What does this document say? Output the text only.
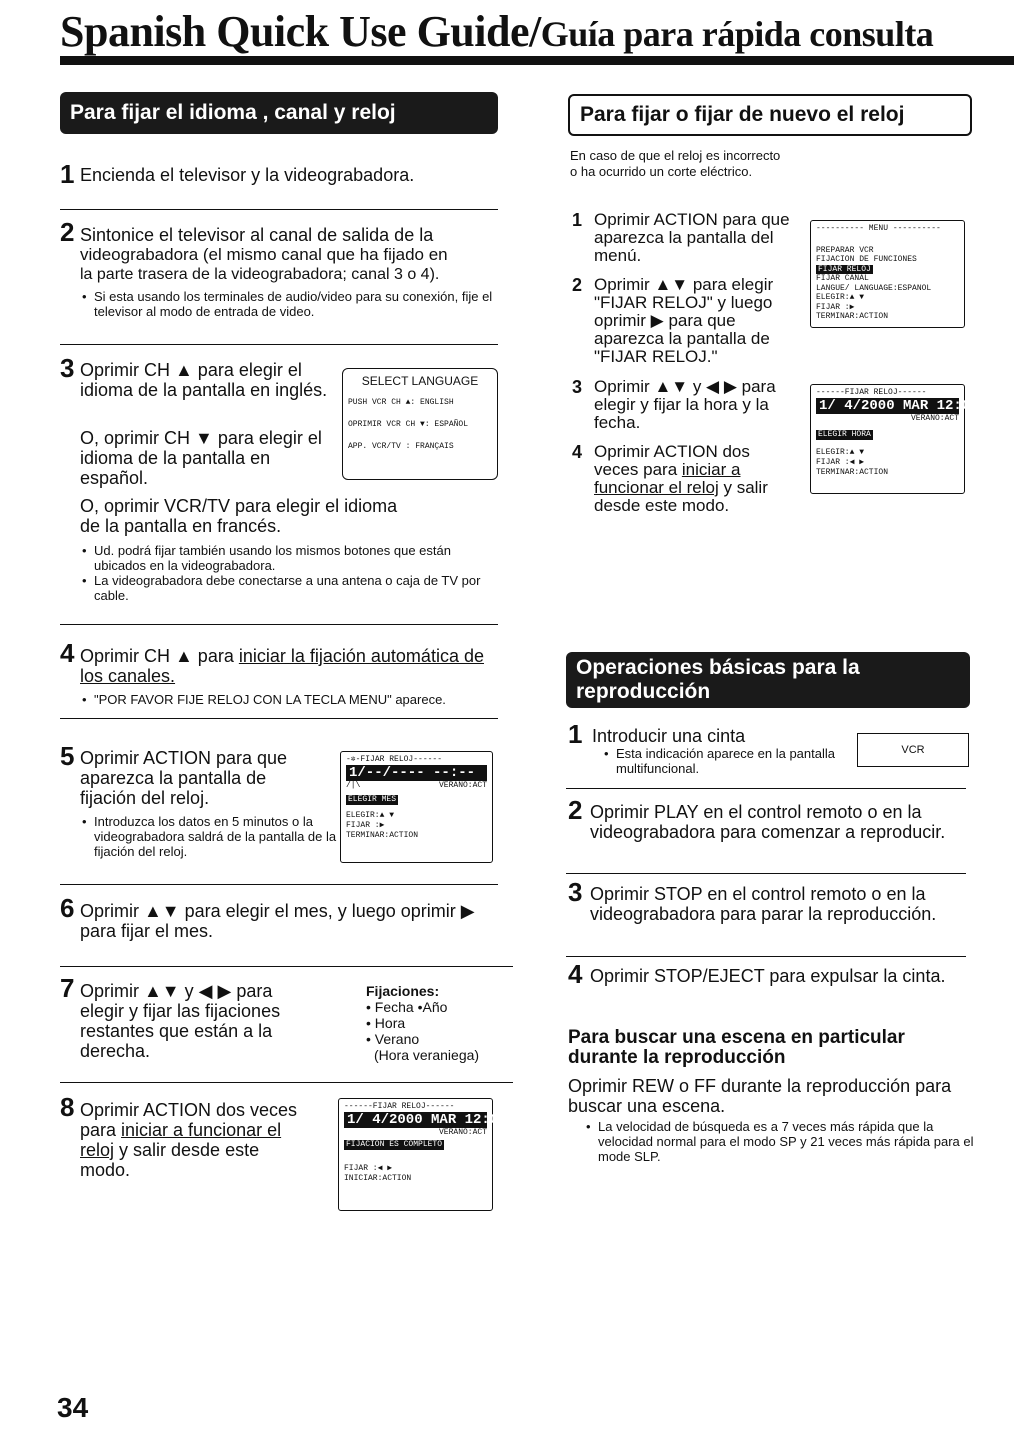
Spanish Quick Use Guide/Guía para rápida consulta
Para fijar el idioma , canal y reloj
1 Encienda el televisor y la videograbadora.
2 Sintonice el televisor al canal de salida de la
videograbadora (el mismo canal que ha fijado en
la parte trasera de la videograbadora; canal 3 o 4).
• Si esta usando los terminales de audio/video para su conexión, fije el televisor al modo de entrada de video.
3 Oprimir CH ▲ para elegir el idioma de la pantalla en inglés.
O, oprimir CH ▼ para elegir el idioma de la pantalla en español.
O, oprimir VCR/TV para elegir el idioma de la pantalla en francés.
SELECT LANGUAGE
PUSH VCR CH ▲: ENGLISH
OPRIMIR VCR CH ▼: ESPAÑOL
APP. VCR/TV : FRANÇAIS
• Ud. podrá fijar también usando los mismos botones que están ubicados en la videograbadora.
• La videograbadora debe conectarse a una antena o caja de TV por cable.
4 Oprimir CH ▲ para iniciar la fijación automática de los canales.
• "POR FAVOR FIJE RELOJ CON LA TECLA MENU" aparece.
5 Oprimir ACTION para que aparezca la pantalla de fijación del reloj.
• Introduzca los datos en 5 minutos o la videograbadora saldrá de la pantalla de la fijación del reloj.
-✲-FIJAR RELOJ------
1/--/---- --:--
/|\	VERANO:ACT
ELEGIR MES
ELEGIR:▲ ▼
FIJAR :▶
TERMINAR:ACTION
6 Oprimir ▲▼ para elegir el mes, y luego oprimir ▶ para fijar el mes.
7 Oprimir ▲▼ y ◀ ▶ para elegir y fijar las fijaciones restantes que están a la derecha.
Fijaciones:
• Fecha •Año
• Hora
• Verano
(Hora veraniega)
8 Oprimir ACTION dos veces para iniciar a funcionar el reloj y salir desde este modo.
------FIJAR RELOJ------
1/ 4/2000 MAR 12:00PM
VERANO:ACT
FIJACION ES COMPLETO
FIJAR :◀ ▶
INICIAR:ACTION
34
Para fijar o fijar de nuevo el reloj
En caso de que el reloj es incorrecto
o ha ocurrido un corte eléctrico.
1 Oprimir ACTION para que aparezca la pantalla del menú.
2 Oprimir ▲▼ para elegir "FIJAR RELOJ" y luego oprimir ▶ para que aparezca la pantalla de "FIJAR RELOJ."
3 Oprimir ▲▼ y ◀ ▶ para elegir y fijar la hora y la fecha.
4 Oprimir ACTION dos veces para iniciar a funcionar el reloj y salir desde este modo.
---------- MENU ----------
PREPARAR VCR
FIJACION DE FUNCIONES
FIJAR RELOJ
FIJAR CANAL
LANGUE/ LANGUAGE:ESPANOL
ELEGIR:▲ ▼
FIJAR :▶
TERMINAR:ACTION
------FIJAR RELOJ------
1/ 4/2000 MAR 12:00PM
VERANO:ACT
ELEGIR HORA
ELEGIR:▲ ▼
FIJAR :◀ ▶
TERMINAR:ACTION
Operaciones básicas para la reproducción
1 Introducir una cinta
• Esta indicación aparece en la pantalla multifuncional.
VCR
2 Oprimir PLAY en el control remoto o en la videograbadora para comenzar a reproducir.
3 Oprimir STOP en el control remoto o en la videograbadora para parar la reproducción.
4 Oprimir STOP/EJECT para expulsar la cinta.
Para buscar una escena en particular durante la reproducción
Oprimir REW o FF durante la reproducción para buscar una escena.
• La velocidad de búsqueda es a 7 veces más rápida que la velocidad normal para el modo SP y 21 veces más rápida para el mode SLP.
